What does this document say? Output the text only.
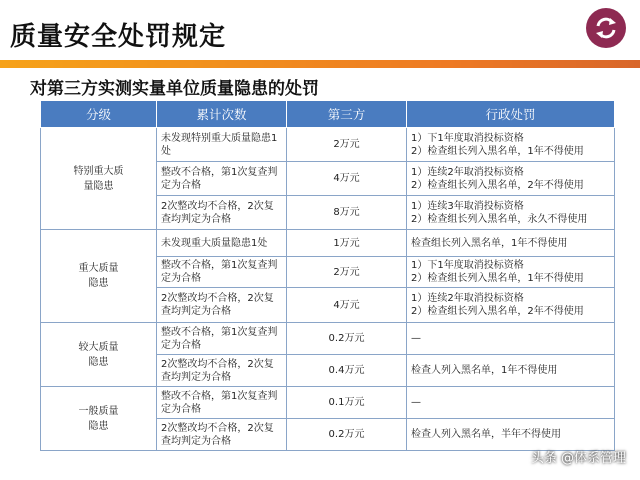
质量安全处罚规定
对第三方实测实量单位质量隐患的处罚
分级	累计次数	第三方	行政处罚
特别重大质量隐患	未发现特别重大质量隐患1处	2万元	1）下1年度取消投标资格
2）检查组长列入黑名单，1年不得使用

	整改不合格，第1次复查判定为合格	4万元	1）连续2年取消投标资格
2）检查组长列入黑名单，2年不得使用

	2次整改均不合格，2次复查均判定为合格	8万元	1）连续3年取消投标资格
2）检查组长列入黑名单，永久不得使用

重大质量隐患	未发现重大质量隐患1处	1万元	检查组长列入黑名单，1年不得使用

	整改不合格，第1次复查判定为合格	2万元	1）下1年度取消投标资格
2）检查组长列入黑名单，1年不得使用

	2次整改均不合格，2次复查均判定为合格	4万元	1）连续2年取消投标资格
2）检查组长列入黑名单，2年不得使用

较大质量隐患	整改不合格，第1次复查判定为合格	0.2万元	—

	2次整改均不合格，2次复查均判定为合格	0.4万元	检查人列入黑名单，1年不得使用

一般质量隐患	整改不合格，第1次复查判定为合格	0.1万元	—

	2次整改均不合格，2次复查均判定为合格	0.2万元	检查人列入黑名单，半年不得使用
头条 @体系管理
